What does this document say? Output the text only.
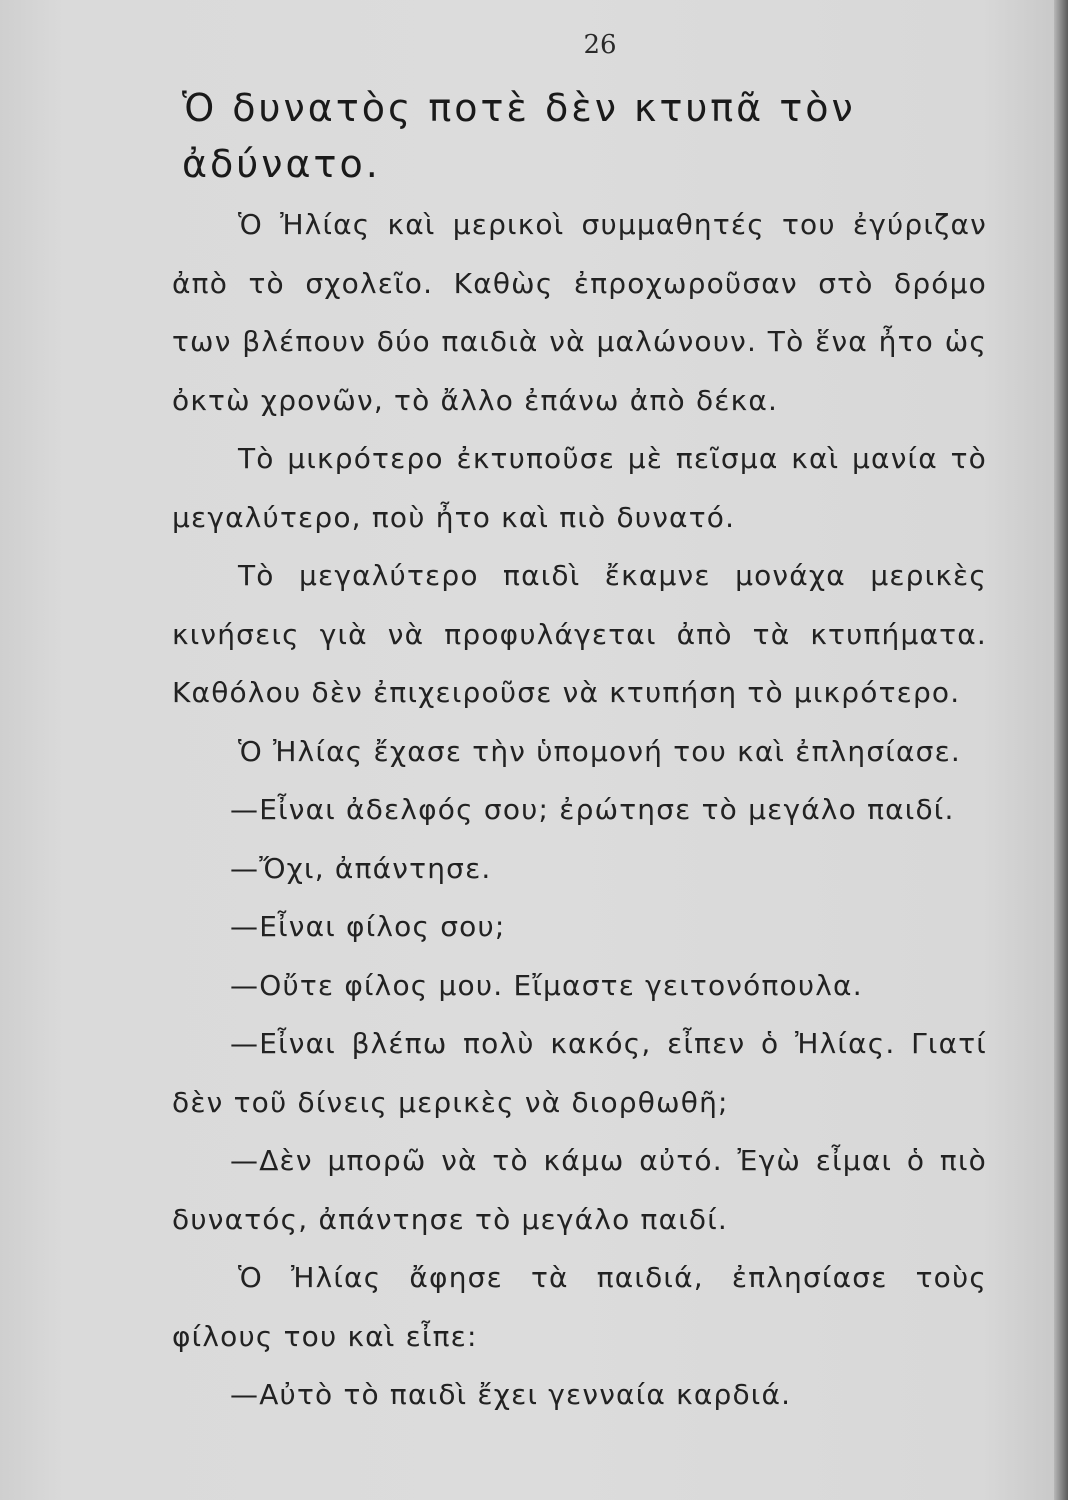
26
Ὁ δυνατὸς ποτὲ δὲν κτυπᾶ τὸν ἀδύνατο.

Ὁ Ἠλίας καὶ μερικοὶ συμμαθητές του ἐγύριζαν ἀπὸ τὸ σχολεῖο. Καθὼς ἐπροχωροῦσαν στὸ δρόμο των βλέπουν δύο παιδιὰ νὰ μαλώνουν. Τὸ ἕνα ἦτο ὡς ὀκτὼ χρονῶν, τὸ ἄλλο ἐπάνω ἀπὸ δέκα.

Τὸ μικρότερο ἐκτυποῦσε μὲ πεῖσμα καὶ μανία τὸ μεγαλύτερο, ποὺ ἦτο καὶ πιὸ δυνατό.

Τὸ μεγαλύτερο παιδὶ ἔκαμνε μονάχα μερικὲς κινήσεις γιὰ νὰ προφυλάγεται ἀπὸ τὰ κτυπήματα. Καθόλου δὲν ἐπιχειροῦσε νὰ κτυπήση τὸ μικρότερο.

Ὁ Ἠλίας ἔχασε τὴν ὑπομονή του καὶ ἐπλησίασε.

—Εἶναι ἀδελφός σου; ἐρώτησε τὸ μεγάλο παιδί.

—Ὄχι, ἀπάντησε.

—Εἶναι φίλος σου;

—Οὔτε φίλος μου. Εἴμαστε γειτονόπουλα.

—Εἶναι βλέπω πολὺ κακός, εἶπεν ὁ Ἠλίας. Γιατί δὲν τοῦ δίνεις μερικὲς νὰ διορθωθῆ;

—Δὲν μπορῶ νὰ τὸ κάμω αὐτό. Ἐγὼ εἶμαι ὁ πιὸ δυνατός, ἀπάντησε τὸ μεγάλο παιδί.

Ὁ Ἠλίας ἄφησε τὰ παιδιά, ἐπλησίασε τοὺς φίλους του καὶ εἶπε:

—Αὐτὸ τὸ παιδὶ ἔχει γενναία καρδιά.
